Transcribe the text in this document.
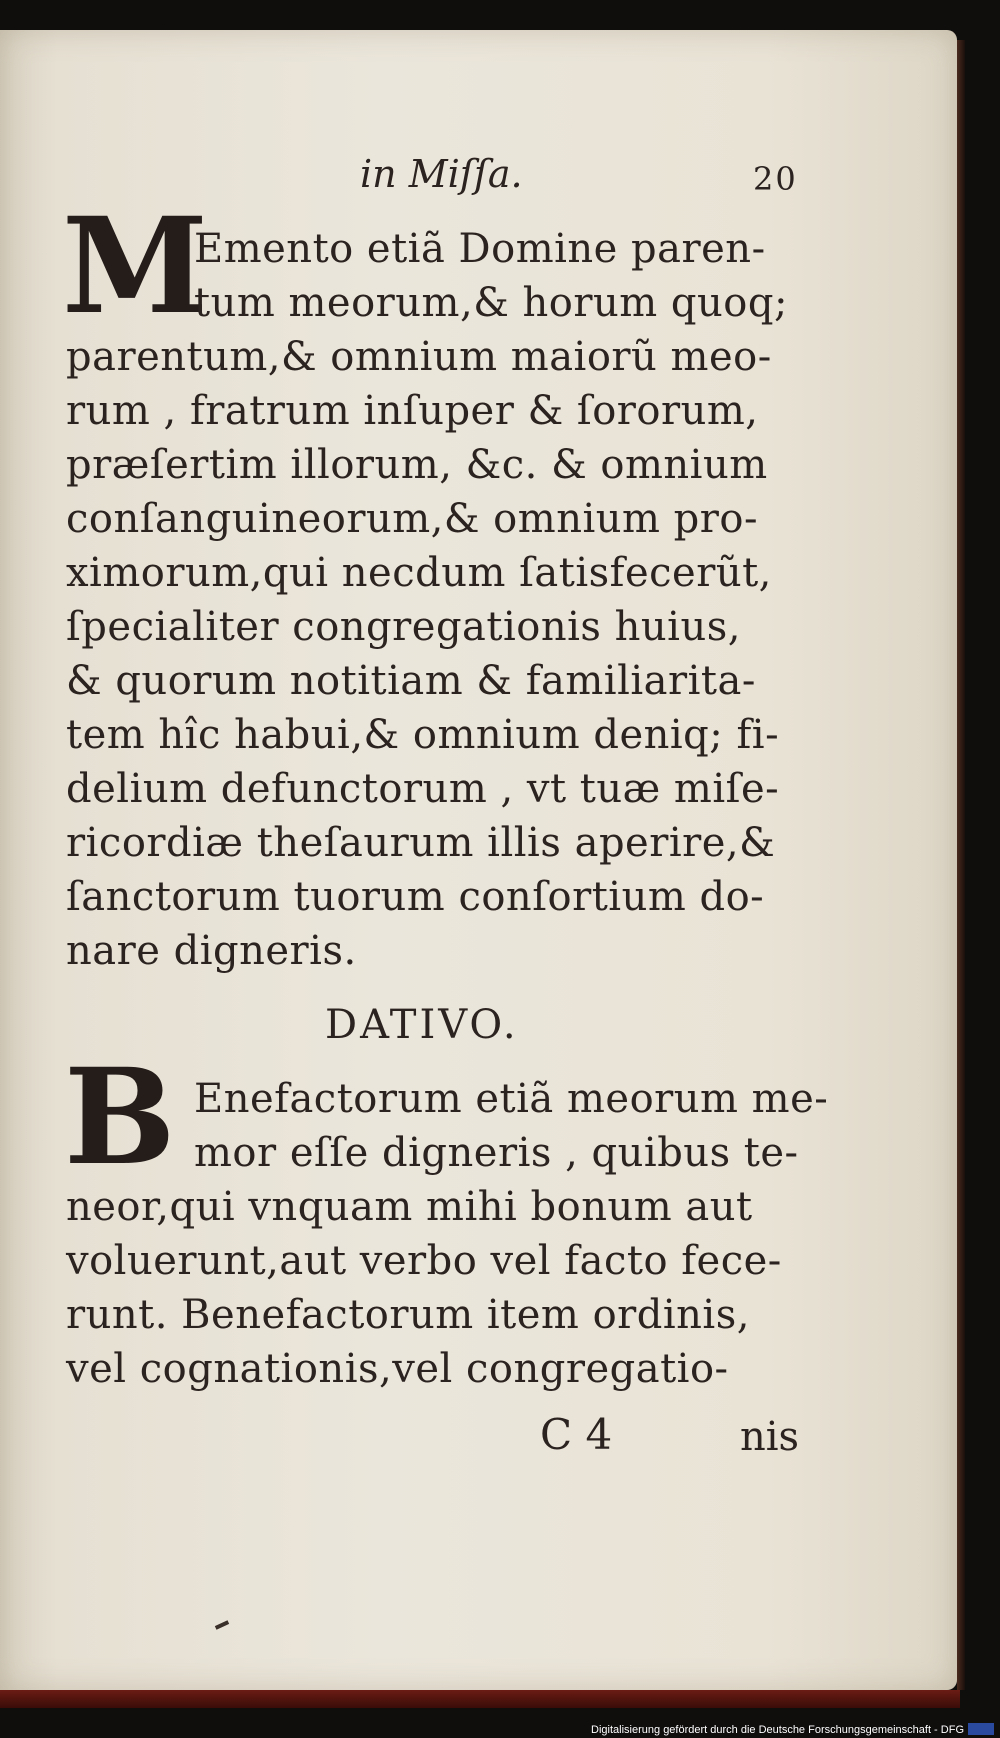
in Miſſa.	20
M
Emento etiã Domine paren-
tum meorum,& horum quoq;
parentum,& omnium maiorũ meo-
rum , fratrum inſuper & ſororum,
præſertim illorum, &c. & omnium
conſanguineorum,& omnium pro-
ximorum,qui necdum ſatisfecerũt,
ſpecialiter congregationis huius,
& quorum notitiam & familiarita-
tem hîc habui,& omnium deniq; fi-
delium defunctorum , vt tuæ miſe-
ricordiæ theſaurum illis aperire,&
ſanctorum tuorum conſortium do-
nare digneris.
DATIVO.
B Enefactorum etiã meorum me-
mor eſſe digneris , quibus te-
neor,qui vnquam mihi bonum aut
voluerunt,aut verbo vel facto fece-
runt. Benefactorum item ordinis,
vel cognationis,vel congregatio-
C 4	nis
Digitalisierung gefördert durch die Deutsche Forschungsgemeinschaft - DFG
